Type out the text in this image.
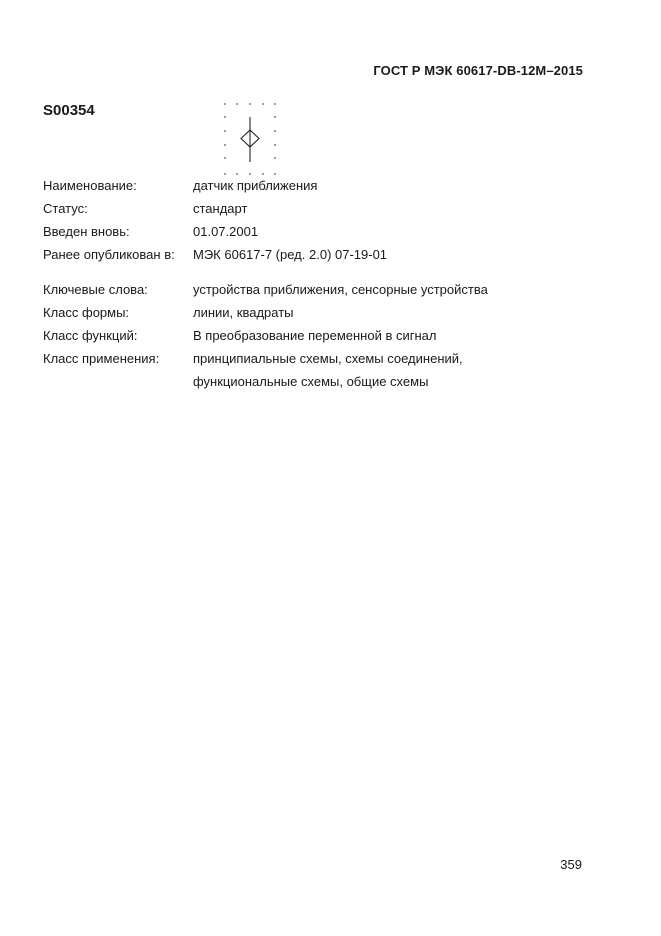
ГОСТ Р МЭК 60617-DB-12M–2015
S00354
Наименование:	датчик приближения
Статус:	стандарт
Введен вновь:	01.07.2001
Ранее опубликован в:	МЭК 60617-7 (ред. 2.0) 07-19-01
Ключевые слова:	устройства приближения, сенсорные устройства
Класс формы:	линии, квадраты
Класс функций:	В преобразование переменной в сигнал
Класс применения:	принципиальные схемы, схемы соединений,
функциональные схемы, общие схемы
359
